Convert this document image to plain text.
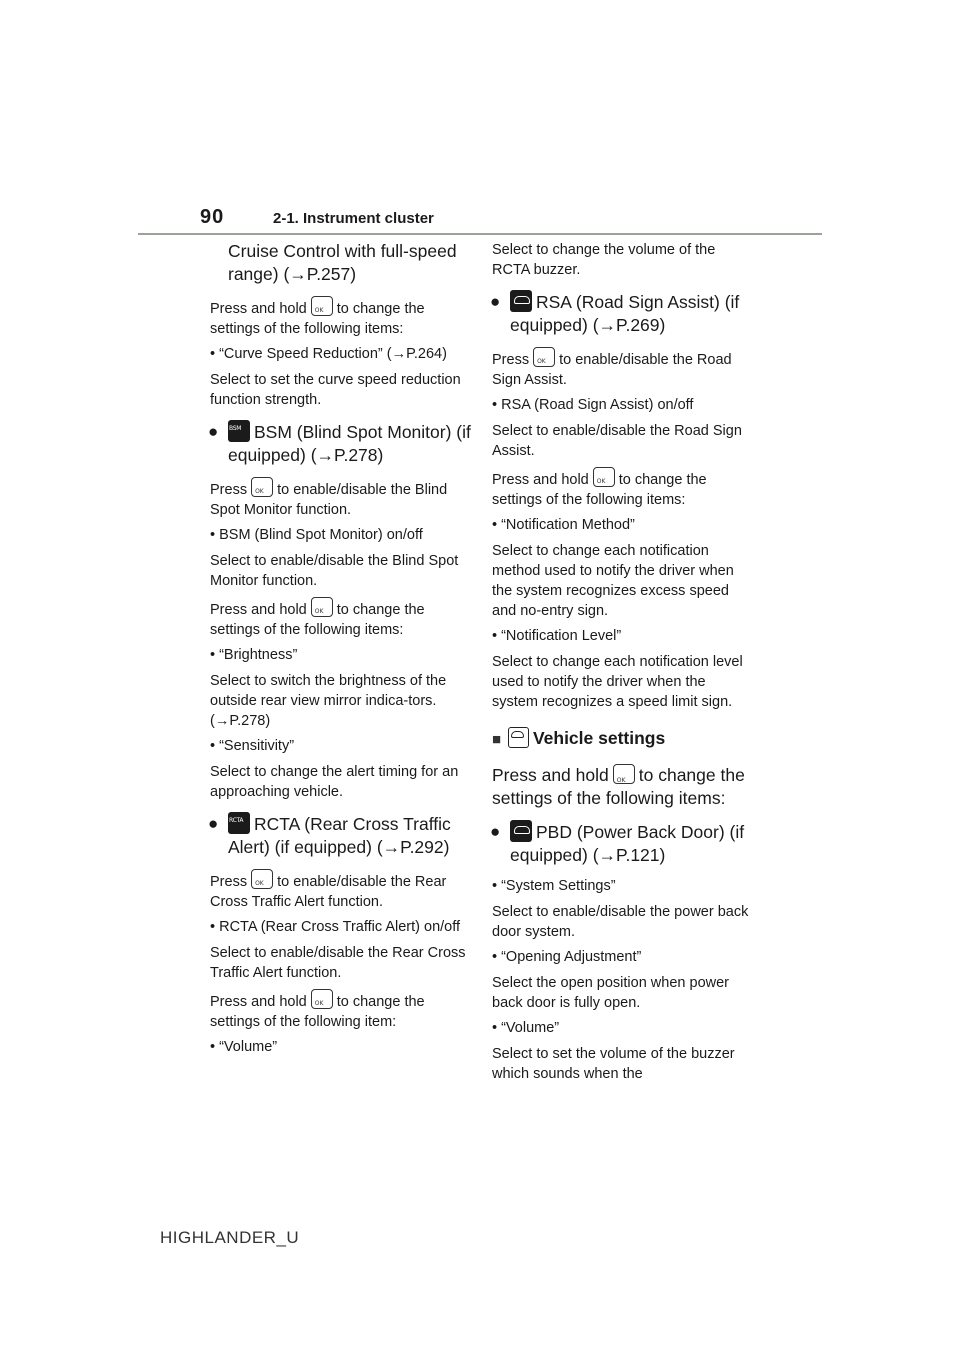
90	2-1. Instrument cluster
Cruise Control with full-speed
range) (→P.257)

Press and hold OK to change the settings of the following items:

• “Curve Speed Reduction” (→P.264)

Select to set the curve speed reduction function strength.

● BSM BSM (Blind Spot Monitor) (if equipped) (→P.278)

Press OK to enable/disable the Blind Spot Monitor function.

• BSM (Blind Spot Monitor) on/off

Select to enable/disable the Blind Spot Monitor function.

Press and hold OK to change the settings of the following items:

• “Brightness”

Select to switch the brightness of the outside rear view mirror indica-tors. (→P.278)

• “Sensitivity”

Select to change the alert timing for an approaching vehicle.

● RCTA RCTA (Rear Cross Traffic Alert) (if equipped) (→P.292)

Press OK to enable/disable the Rear Cross Traffic Alert function.

• RCTA (Rear Cross Traffic Alert) on/off

Select to enable/disable the Rear Cross Traffic Alert function.

Press and hold OK to change the settings of the following item:

• “Volume”

Select to change the volume of the RCTA buzzer.

● RSA (Road Sign Assist) (if equipped) (→P.269)

Press OK to enable/disable the Road Sign Assist.

• RSA (Road Sign Assist) on/off

Select to enable/disable the Road Sign Assist.

Press and hold OK to change the settings of the following items:

• “Notification Method”

Select to change each notification method used to notify the driver when the system recognizes excess speed and no-entry sign.

• “Notification Level”

Select to change each notification level used to notify the driver when the system recognizes a speed limit sign.

■ Vehicle settings
Press and hold OK to change the settings of the following items:
● PBD (Power Back Door) (if equipped) (→P.121)

• “System Settings”

Select to enable/disable the power back door system.

• “Opening Adjustment”

Select the open position when power back door is fully open.

• “Volume”

Select to set the volume of the buzzer which sounds when the

HIGHLANDER_U
